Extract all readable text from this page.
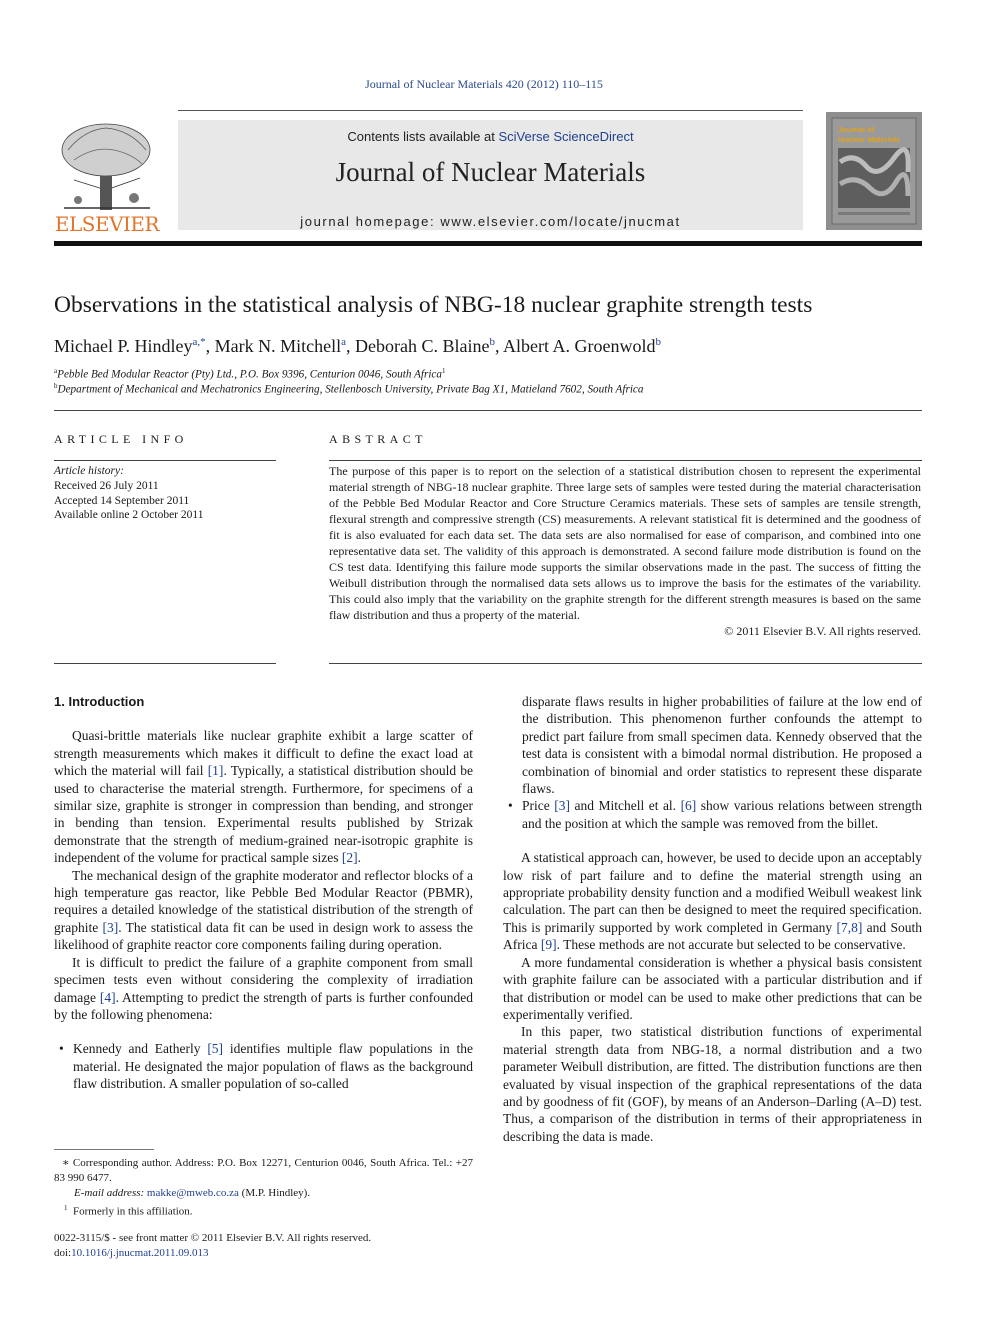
Journal of Nuclear Materials 420 (2012) 110–115
ELSEVIER
Contents lists available at SciVerse ScienceDirect
Journal of Nuclear Materials
journal homepage: www.elsevier.com/locate/jnucmat
Journal of
Nuclear Materials
Observations in the statistical analysis of NBG-18 nuclear graphite strength tests
Michael P. Hindley$^{a,*}$, Mark N. Mitchell$^a$, Deborah C. Blaine$^b$, Albert A. Groenwold$^b$
$^a$Pebble Bed Modular Reactor (Pty) Ltd., P.O. Box 9396, Centurion 0046, South Africa$^1$
$^b$Department of Mechanical and Mechatronics Engineering, Stellenbosch University, Private Bag X1, Matieland 7602, South Africa
ARTICLE INFO
Article history:
Received 26 July 2011
Accepted 14 September 2011
Available online 2 October 2011
ABSTRACT
The purpose of this paper is to report on the selection of a statistical distribution chosen to represent the experimental material strength of NBG-18 nuclear graphite. Three large sets of samples were tested during the material characterisation of the Pebble Bed Modular Reactor and Core Structure Ceramics materials. These sets of samples are tensile strength, flexural strength and compressive strength (CS) measurements. A relevant statistical fit is determined and the goodness of fit is also evaluated for each data set. The data sets are also normalised for ease of comparison, and combined into one representative data set. The validity of this approach is demonstrated. A second failure mode distribution is found on the CS test data. Identifying this failure mode supports the similar observations made in the past. The success of fitting the Weibull distribution through the normalised data sets allows us to improve the basis for the estimates of the variability. This could also imply that the variability on the graphite strength for the different strength measures is based on the same flaw distribution and thus a property of the material.
© 2011 Elsevier B.V. All rights reserved.
1. Introduction

Quasi-brittle materials like nuclear graphite exhibit a large scatter of strength measurements which makes it difficult to define the exact load at which the material will fail [1]. Typically, a statistical distribution should be used to characterise the material strength. Furthermore, for specimens of a similar size, graphite is stronger in compression than bending, and stronger in bending than tension. Experimental results published by Strizak demonstrate that the strength of medium-grained near-isotropic graphite is independent of the volume for practical sample sizes [2].

The mechanical design of the graphite moderator and reflector blocks of a high temperature gas reactor, like Pebble Bed Modular Reactor (PBMR), requires a detailed knowledge of the statistical distribution of the strength of graphite [3]. The statistical data fit can be used in design work to assess the likelihood of graphite reactor core components failing during operation.

It is difficult to predict the failure of a graphite component from small specimen tests even without considering the complexity of irradiation damage [4]. Attempting to predict the strength of parts is further confounded by the following phenomena:

• Kennedy and Eatherly [5] identifies multiple flaw populations in the material. He designated the major population of flaws as the background flaw distribution. A smaller population of so-called
∗ Corresponding author. Address: P.O. Box 12271, Centurion 0046, South Africa. Tel.: +27 83 990 6477.
E-mail address: makke@mweb.co.za (M.P. Hindley).
$^1$ Formerly in this affiliation.
0022-3115/$ - see front matter © 2011 Elsevier B.V. All rights reserved.
doi:10.1016/j.jnucmat.2011.09.013
disparate flaws results in higher probabilities of failure at the low end of the distribution. This phenomenon further confounds the attempt to predict part failure from small specimen data. Kennedy observed that the test data is consistent with a bimodal normal distribution. He proposed a combination of binomial and order statistics to represent these disparate flaws.
• Price [3] and Mitchell et al. [6] show various relations between strength and the position at which the sample was removed from the billet.

A statistical approach can, however, be used to decide upon an acceptably low risk of part failure and to define the material strength using an appropriate probability density function and a modified Weibull weakest link calculation. The part can then be designed to meet the required specification. This is primarily supported by work completed in Germany [7,8] and South Africa [9]. These methods are not accurate but selected to be conservative.

A more fundamental consideration is whether a physical basis consistent with graphite failure can be associated with a particular distribution and if that distribution or model can be used to make other predictions that can be experimentally verified.

In this paper, two statistical distribution functions of experimental material strength data from NBG-18, a normal distribution and a two parameter Weibull distribution, are fitted. The distribution functions are then evaluated by visual inspection of the graphical representations of the data and by goodness of fit (GOF), by means of an Anderson–Darling (A–D) test. Thus, a comparison of the distribution in terms of their appropriateness in describing the data is made.
